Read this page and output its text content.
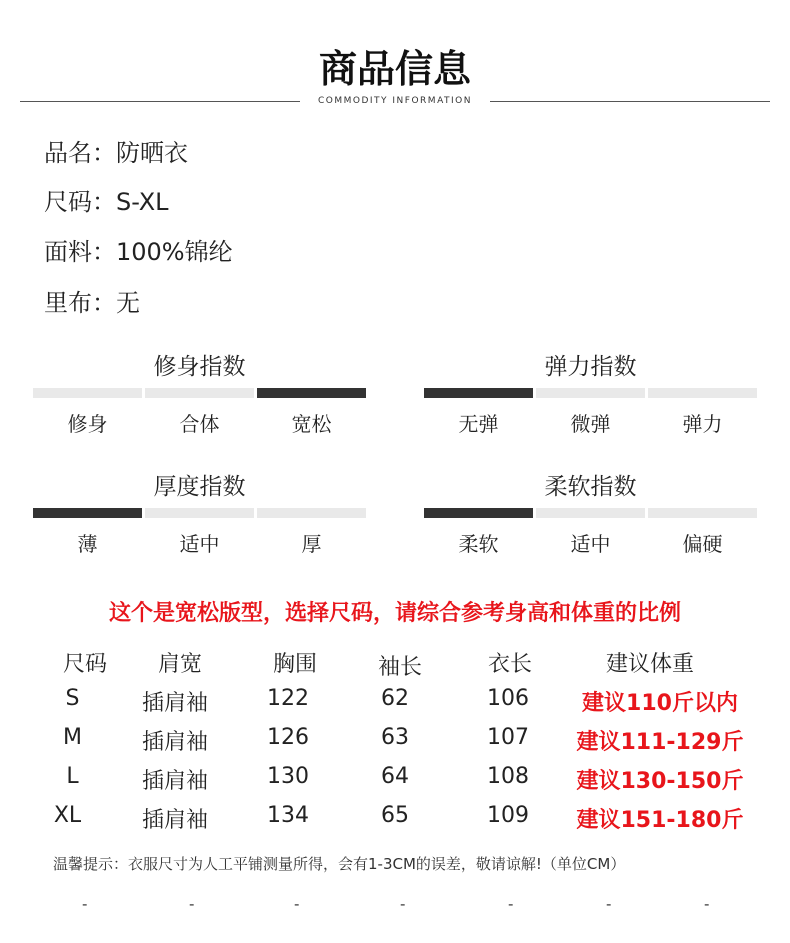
商品信息
COMMODITY INFORMATION
品名：防晒衣
尺码：S-XL
面料：100%锦纶
里布：无
修身指数
修身	合体	宽松
弹力指数
无弹	微弹	弹力
厚度指数
薄	适中	厚
柔软指数
柔软	适中	偏硬
这个是宽松版型，选择尺码，请综合参考身高和体重的比例
尺码	肩宽	胸围	袖长	衣长	建议体重
S	插肩袖	122	62	106	建议110斤以内
M	插肩袖	126	63	107	建议111-129斤
L	插肩袖	130	64	108	建议130-150斤
XL	插肩袖	134	65	109	建议151-180斤
温馨提示：衣服尺寸为人工平铺测量所得，会有1-3CM的误差，敬请谅解!（单位CM）
-	-	-	-	-	-	-
